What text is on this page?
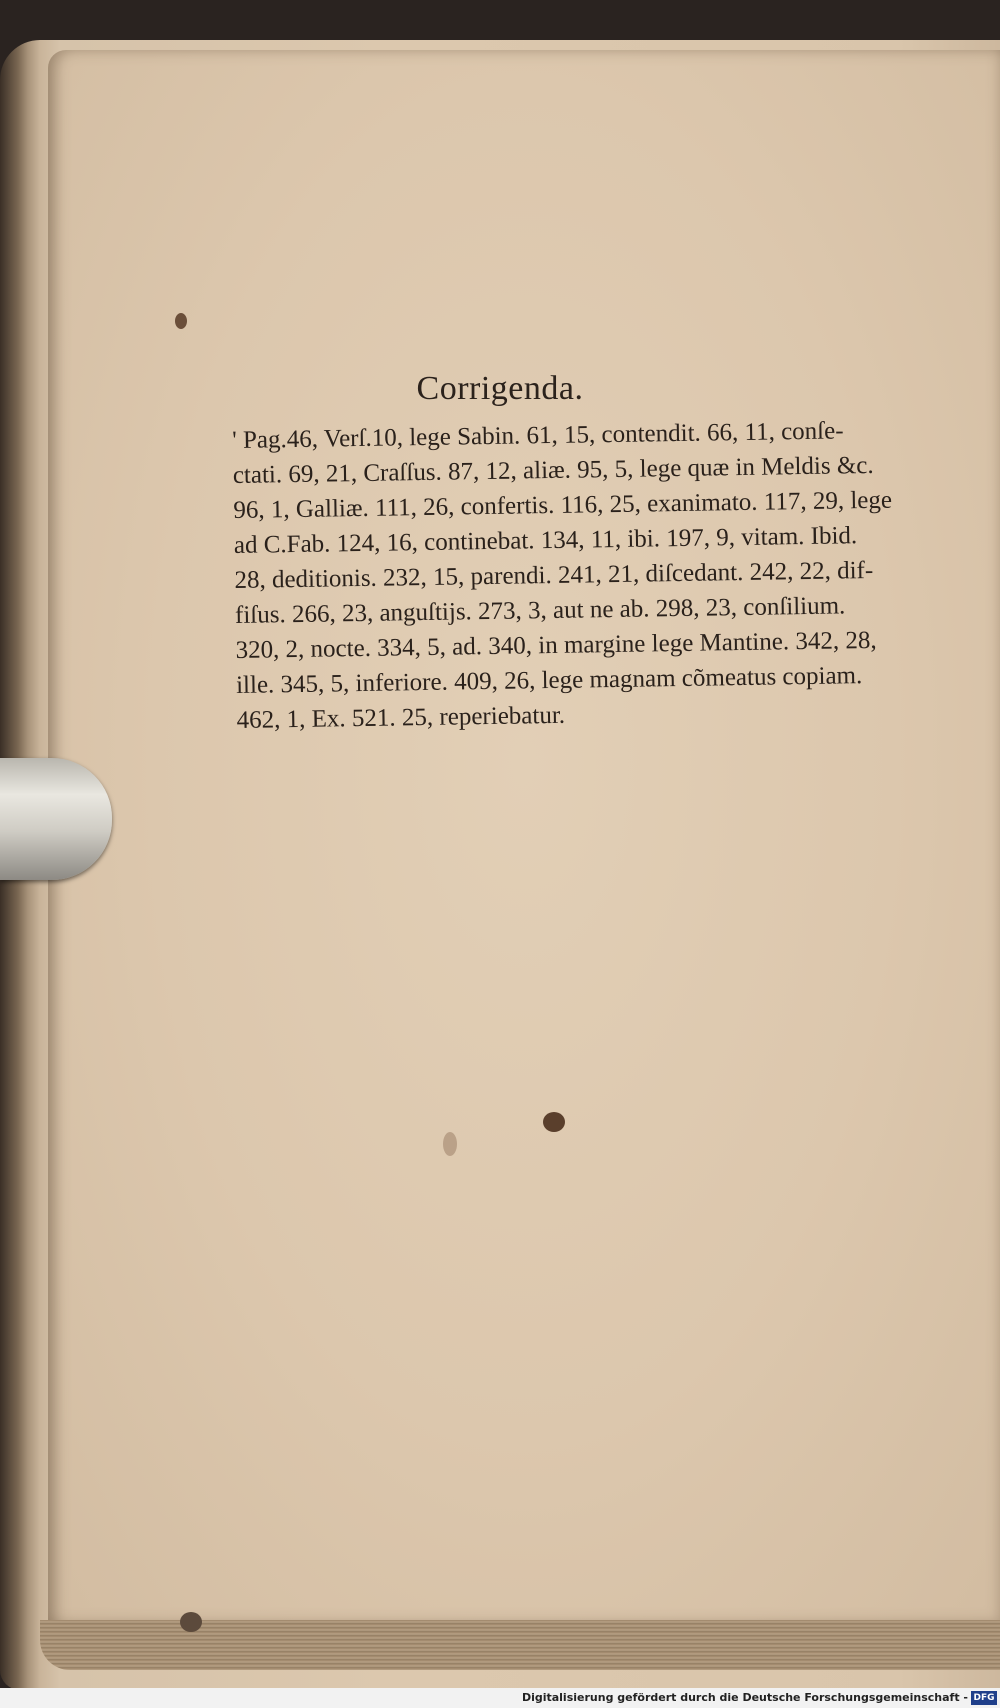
Corrigenda.
' Pag.46, Verſ.10, lege Sabin. 61, 15, contendit. 66, 11, conſe-
ctati. 69, 21, Craſſus. 87, 12, aliæ. 95, 5, lege quæ in Meldis &c.
96, 1, Galliæ. 111, 26, confertis. 116, 25, exanimato. 117, 29, lege
ad C.Fab. 124, 16, continebat. 134, 11, ibi. 197, 9, vitam. Ibid.
28, deditionis. 232, 15, parendi. 241, 21, diſcedant. 242, 22, dif-
fiſus. 266, 23, anguſtijs. 273, 3, aut ne ab. 298, 23, conſilium.
320, 2, nocte. 334, 5, ad. 340, in margine lege Mantine. 342, 28,
ille. 345, 5, inferiore. 409, 26, lege magnam cõmeatus copiam.
462, 1, Ex. 521. 25, reperiebatur.
Digitalisierung gefördert durch die Deutsche Forschungsgemeinschaft - DFG
